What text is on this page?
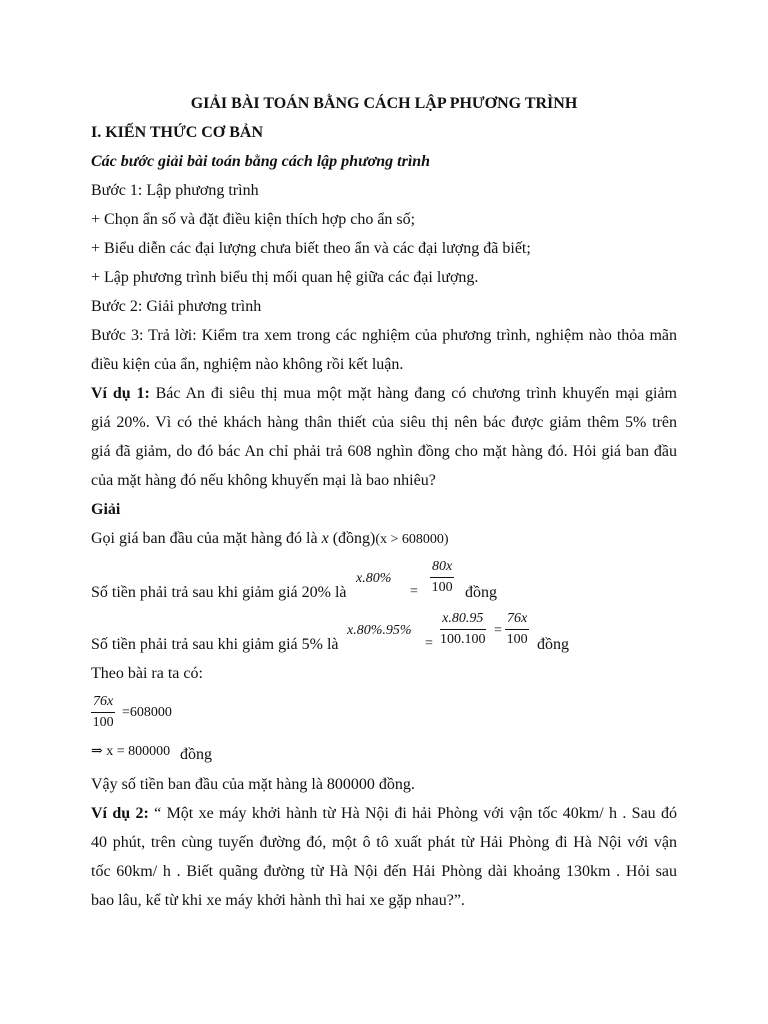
GIẢI BÀI TOÁN BẰNG CÁCH LẬP PHƯƠNG TRÌNH
I. KIẾN THỨC CƠ BẢN
Các bước giải bài toán bằng cách lập phương trình
Bước 1: Lập phương trình
+ Chọn ẩn số và đặt điều kiện thích hợp cho ẩn số;
+ Biểu diễn các đại lượng chưa biết theo ẩn và các đại lượng đã biết;
+ Lập phương trình biểu thị mối quan hệ giữa các đại lượng.
Bước 2: Giải phương trình
Bước 3: Trả lời: Kiểm tra xem trong các nghiệm của phương trình, nghiệm nào thỏa mãn
điều kiện của ẩn, nghiệm nào không rồi kết luận.
Ví dụ 1: Bác An đi siêu thị mua một mặt hàng đang có chương trình khuyến mại giảm
giá 20%. Vì có thẻ khách hàng thân thiết của siêu thị nên bác được giảm thêm 5% trên
giá đã giảm, do đó bác An chỉ phải trả 608 nghìn đồng cho mặt hàng đó. Hỏi giá ban đầu
của mặt hàng đó nếu không khuyến mại là bao nhiêu?
Giải
Gọi giá ban đầu của mặt hàng đó là x (đồng)(x > 608000)
Số tiền phải trả sau khi giảm giá 20% là
x.80%
= $\frac{80x}{100}$ đồng
Số tiền phải trả sau khi giảm giá 5% là
x.80%.95%
= $\frac{x.80.95}{100.100} = \frac{76x}{100}$ đồng
Theo bài ra ta có:
$\frac{76x}{100} =608000$
⇒ x = 800000 đồng
Vậy số tiền ban đầu của mặt hàng là 800000 đồng.
Ví dụ 2: “ Một xe máy khởi hành từ Hà Nội đi hải Phòng với vận tốc 40km/ h . Sau đó
40 phút, trên cùng tuyến đường đó, một ô tô xuất phát từ Hải Phòng đi Hà Nội với vận
tốc 60km/ h . Biết quãng đường từ Hà Nội đến Hải Phòng dài khoảng 130km . Hỏi sau
bao lâu, kể từ khi xe máy khởi hành thì hai xe gặp nhau?”.
